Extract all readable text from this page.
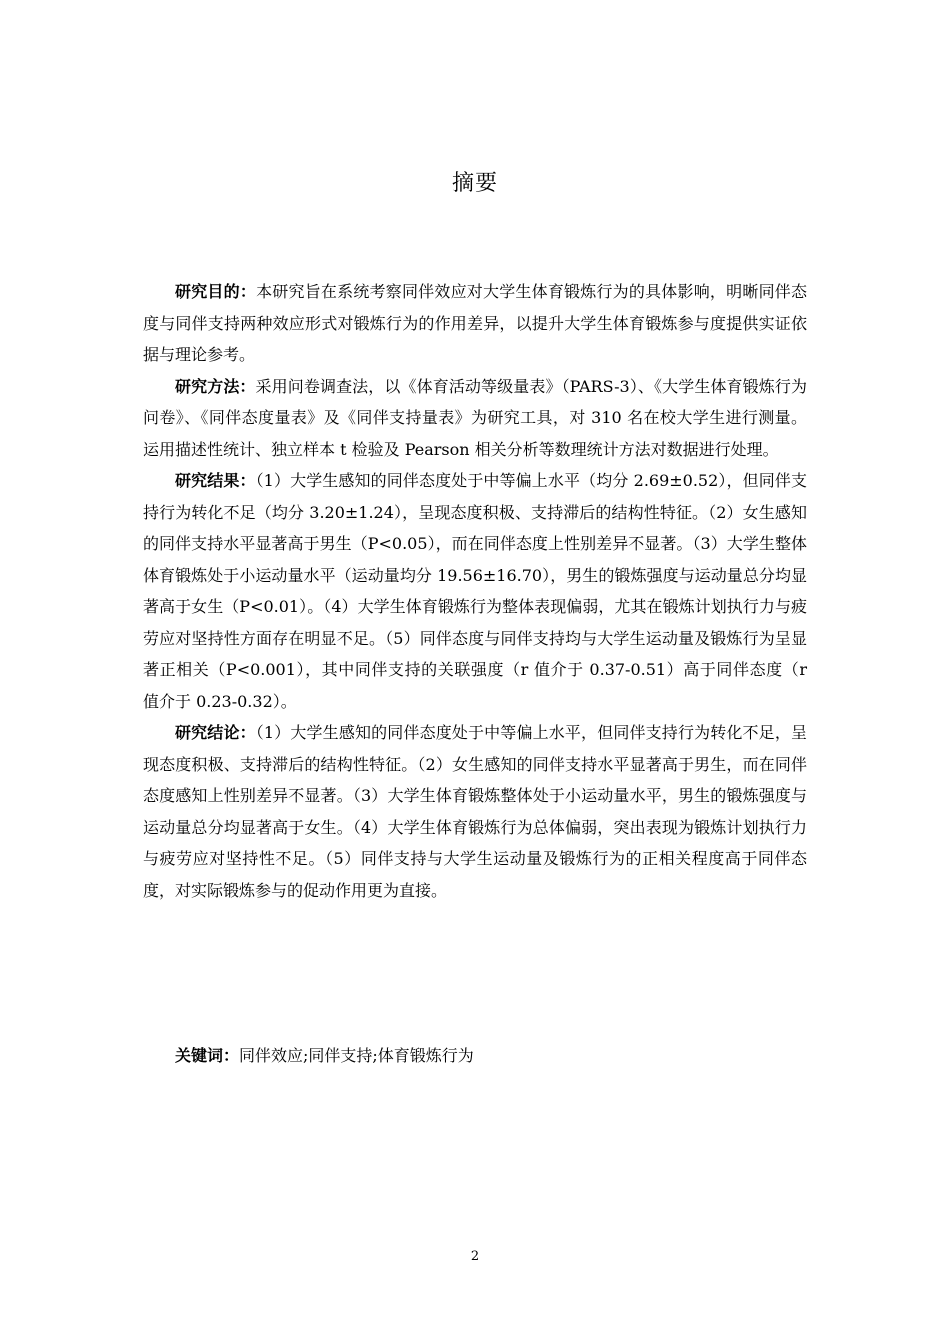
摘要

研究目的：本研究旨在系统考察同伴效应对大学生体育锻炼行为的具体影响，明晰同伴态度与同伴支持两种效应形式对锻炼行为的作用差异，以提升大学生体育锻炼参与度提供实证依据与理论参考。

研究方法：采用问卷调查法，以《体育活动等级量表》（PARS-3）、《大学生体育锻炼行为问卷》、《同伴态度量表》及《同伴支持量表》为研究工具，对 310 名在校大学生进行测量。运用描述性统计、独立样本 t 检验及 Pearson 相关分析等数理统计方法对数据进行处理。

研究结果：（1）大学生感知的同伴态度处于中等偏上水平（均分 2.69±0.52），但同伴支持行为转化不足（均分 3.20±1.24），呈现态度积极、支持滞后的结构性特征。（2）女生感知的同伴支持水平显著高于男生（P<0.05），而在同伴态度上性别差异不显著。（3）大学生整体体育锻炼处于小运动量水平（运动量均分 19.56±16.70），男生的锻炼强度与运动量总分均显著高于女生（P<0.01）。（4）大学生体育锻炼行为整体表现偏弱，尤其在锻炼计划执行力与疲劳应对坚持性方面存在明显不足。（5）同伴态度与同伴支持均与大学生运动量及锻炼行为呈显著正相关（P<0.001），其中同伴支持的关联强度（r 值介于 0.37-0.51）高于同伴态度（r 值介于 0.23-0.32）。

研究结论：（1）大学生感知的同伴态度处于中等偏上水平，但同伴支持行为转化不足，呈现态度积极、支持滞后的结构性特征。（2）女生感知的同伴支持水平显著高于男生，而在同伴态度感知上性别差异不显著。（3）大学生体育锻炼整体处于小运动量水平，男生的锻炼强度与运动量总分均显著高于女生。（4）大学生体育锻炼行为总体偏弱，突出表现为锻炼计划执行力与疲劳应对坚持性不足。（5）同伴支持与大学生运动量及锻炼行为的正相关程度高于同伴态度，对实际锻炼参与的促动作用更为直接。

关键词：同伴效应;同伴支持;体育锻炼行为

2
